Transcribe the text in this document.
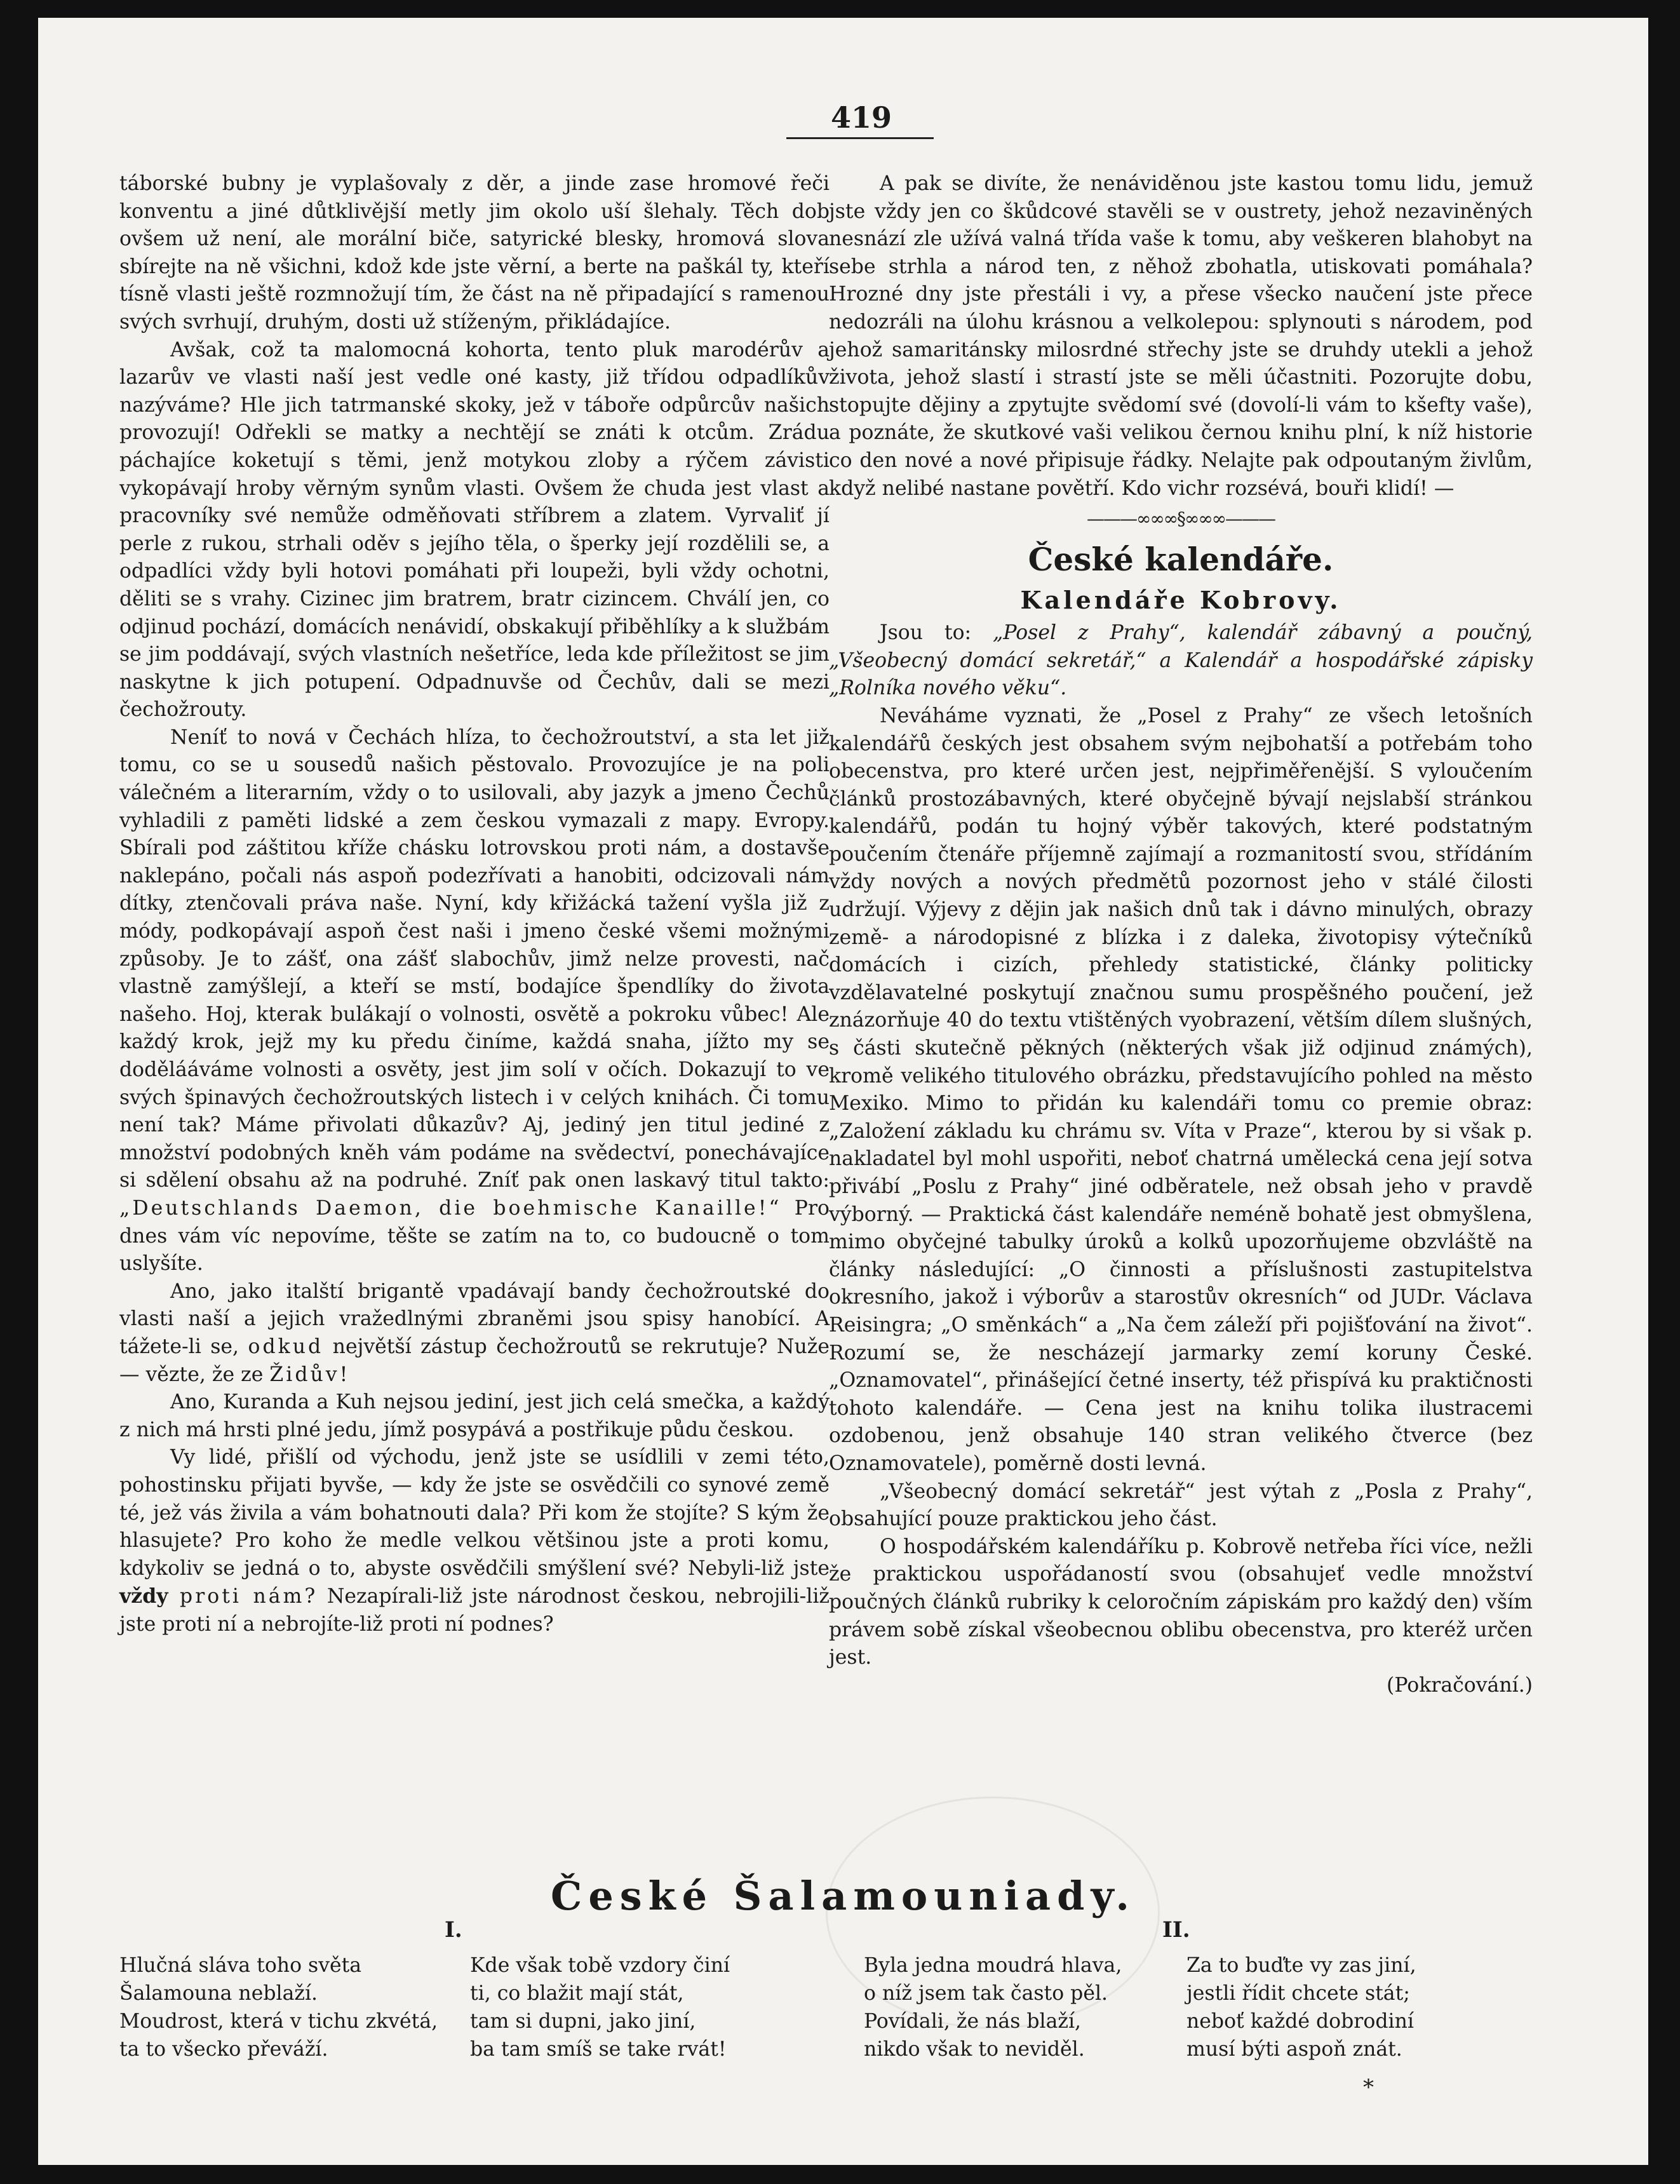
419

táborské bubny je vyplašovaly z děr, a jinde zase hromové řeči konventu a jiné důtklivější metly jim okolo uší šlehaly. Těch dob ovšem už není, ale morální biče, satyrické blesky, hromová slova sbírejte na ně všichni, kdož kde jste věrní, a berte na paškál ty, kteří tísně vlasti ještě rozmnožují tím, že část na ně připadající s ramenou svých svrhují, druhým, dosti už stíženým, přikládajíce.

Avšak, což ta malomocná kohorta, tento pluk marodérův a lazarův ve vlasti naší jest vedle oné kasty, již třídou odpadlíkův nazýváme? Hle jich tatrmanské skoky, jež v táboře odpůrcův našich provozují! Odřekli se matky a nechtějí se znáti k otcům. Zrádu páchajíce koketují s těmi, jenž motykou zloby a rýčem závisti vykopávají hroby věrným synům vlasti. Ovšem že chuda jest vlast a pracovníky své nemůže odměňovati stříbrem a zlatem. Vyrvaliť jí perle z rukou, strhali oděv s jejího těla, o šperky její rozdělili se, a odpadlíci vždy byli hotovi pomáhati při loupeži, byli vždy ochotni, děliti se s vrahy. Cizinec jim bratrem, bratr cizincem. Chválí jen, co odjinud pochází, domácích nenávidí, obskakují přiběhlíky a k službám se jim poddávají, svých vlastních nešetříce, leda kde příležitost se jim naskytne k jich potupení. Odpadnuvše od Čechův, dali se mezi čechožrouty.

Neníť to nová v Čechách hlíza, to čechožroutství, a sta let již tomu, co se u sousedů našich pěstovalo. Provozujíce je na poli válečném a literarním, vždy o to usilovali, aby jazyk a jmeno Čechů vyhladili z paměti lidské a zem českou vymazali z mapy. Evropy. Sbírali pod záštitou kříže chásku lotrovskou proti nám, a dostavše naklepáno, počali nás aspoň podezřívati a hanobiti, odcizovali nám dítky, ztenčovali práva naše. Nyní, kdy křižácká tažení vyšla již z módy, podkopávají aspoň čest naši i jmeno české všemi možnými způsoby. Je to zášť, ona zášť slabochův, jimž nelze provesti, nač vlastně zamýšlejí, a kteří se mstí, bodajíce špendlíky do života našeho. Hoj, kterak bulákají o volnosti, osvětě a pokroku vůbec! Ale každý krok, jejž my ku předu činíme, každá snaha, jížto my se dodělááváme volnosti a osvěty, jest jim solí v očích. Dokazují to ve svých špinavých čechožroutských listech i v celých knihách. Či tomu není tak? Máme přivolati důkazův? Aj, jediný jen titul jediné z množství podobných kněh vám podáme na svědectví, ponechávajíce si sdělení obsahu až na podruhé. Zníť pak onen laskavý titul takto: „Deutschlands Daemon, die boehmische Kanaille!“ Pro dnes vám víc nepovíme, těšte se zatím na to, co budoucně o tom uslyšíte.

Ano, jako italští brigantě vpadávají bandy čechožroutské do vlasti naší a jejich vražedlnými zbraněmi jsou spisy hanobící. A tážete-li se, odkud největší zástup čechožroutů se rekrutuje? Nuže — vězte, že ze Židův!

Ano, Kuranda a Kuh nejsou jediní, jest jich celá smečka, a každý z nich má hrsti plné jedu, jímž posypává a postřikuje půdu českou.

Vy lidé, přišlí od východu, jenž jste se usídlili v zemi této, pohostinsku přijati byvše, — kdy že jste se osvědčili co synové země té, jež vás živila a vám bohatnouti dala? Při kom že stojíte? S kým že hlasujete? Pro koho že medle velkou většinou jste a proti komu, kdykoliv se jedná o to, abyste osvědčili smýšlení své? Nebyli-liž jste vždy proti nám? Nezapírali-liž jste národnost českou, nebrojili-liž jste proti ní a nebrojíte-liž proti ní podnes?

A pak se divíte, že nenáviděnou jste kastou tomu lidu, jemuž jste vždy jen co škůdcové stavěli se v oustrety, jehož nezaviněných nesnází zle užívá valná třída vaše k tomu, aby veškeren blahobyt na sebe strhla a národ ten, z něhož zbohatla, utiskovati pomáhala? Hrozné dny jste přestáli i vy, a přese všecko naučení jste přece nedozráli na úlohu krásnou a velkolepou: splynouti s národem, pod jehož samaritánsky milosrdné střechy jste se druhdy utekli a jehož života, jehož slastí i strastí jste se měli účastniti. Pozorujte dobu, stopujte dějiny a zpytujte svědomí své (dovolí-li vám to kšefty vaše), a poznáte, že skutkové vaši velikou černou knihu plní, k níž historie co den nové a nové připisuje řádky. Nelajte pak odpoutaným živlům, když nelibé nastane povětří. Kdo vichr rozsévá, bouři klidí! —

———∞∞∞§∞∞∞———
České kalendáře.
Kalendáře Kobrovy.

Jsou to: „Posel z Prahy“, kalendář zábavný a poučný, „Všeobecný domácí sekretář,“ a Kalendář a hospodářské zápisky „Rolníka nového věku“.

Neváháme vyznati, že „Posel z Prahy“ ze všech letošních kalendářů českých jest obsahem svým nejbohatší a potřebám toho obecenstva, pro které určen jest, nejpřiměřenější. S vyloučením článků prostozábavných, které obyčejně bývají nejslabší stránkou kalendářů, podán tu hojný výběr takových, které podstatným poučením čtenáře příjemně zajímají a rozmanitostí svou, střídáním vždy nových a nových předmětů pozornost jeho v stálé čilosti udržují. Výjevy z dějin jak našich dnů tak i dávno minulých, obrazy země- a národopisné z blízka i z daleka, životopisy výtečníků domácích i cizích, přehledy statistické, články politicky vzdělavatelné poskytují značnou sumu prospěšného poučení, jež znázorňuje 40 do textu vtištěných vyobrazení, větším dílem slušných, s části skutečně pěkných (některých však již odjinud známých), kromě velikého titulového obrázku, představujícího pohled na město Mexiko. Mimo to přidán ku kalendáři tomu co premie obraz: „Založení základu ku chrámu sv. Víta v Praze“, kterou by si však p. nakladatel byl mohl uspořiti, neboť chatrná umělecká cena její sotva přivábí „Poslu z Prahy“ jiné odběratele, než obsah jeho v pravdě výborný. — Praktická část kalendáře neméně bohatě jest obmyšlena, mimo obyčejné tabulky úroků a kolků upozorňujeme obzvláště na články následující: „O činnosti a příslušnosti zastupitelstva okresního, jakož i výborův a starostův okresních“ od JUDr. Václava Reisingra; „O směnkách“ a „Na čem záleží při pojišťování na život“. Rozumí se, že nescházejí jarmarky zemí koruny České. „Oznamovatel“, přinášející četné inserty, též přispívá ku praktičnosti tohoto kalendáře. — Cena jest na knihu tolika ilustracemi ozdobenou, jenž obsahuje 140 stran velikého čtverce (bez Oznamovatele), poměrně dosti levná.

„Všeobecný domácí sekretář“ jest výtah z „Posla z Prahy“, obsahující pouze praktickou jeho část.

O hospodářském kalendáříku p. Kobrově netřeba říci více, nežli že praktickou uspořádaností svou (obsahujeť vedle množství poučných článků rubriky k celoročním zápiskám pro každý den) vším právem sobě získal všeobecnou oblibu obecenstva, pro kteréž určen jest.

(Pokračování.)
České Šalamouniady.
I.	II.
Hlučná sláva toho světa
Šalamouna neblaží.
Moudrost, která v tichu zkvétá,
ta to všecko převáží.
Kde však tobě vzdory činí
ti, co blažit mají stát,
tam si dupni, jako jiní,
ba tam smíš se take rvát!
Byla jedna moudrá hlava,
o níž jsem tak často pěl.
Povídali, že nás blaží,
nikdo však to neviděl.
Za to buďte vy zas jiní,
jestli řídit chcete stát;
neboť každé dobrodiní
musí býti aspoň znát.
*
